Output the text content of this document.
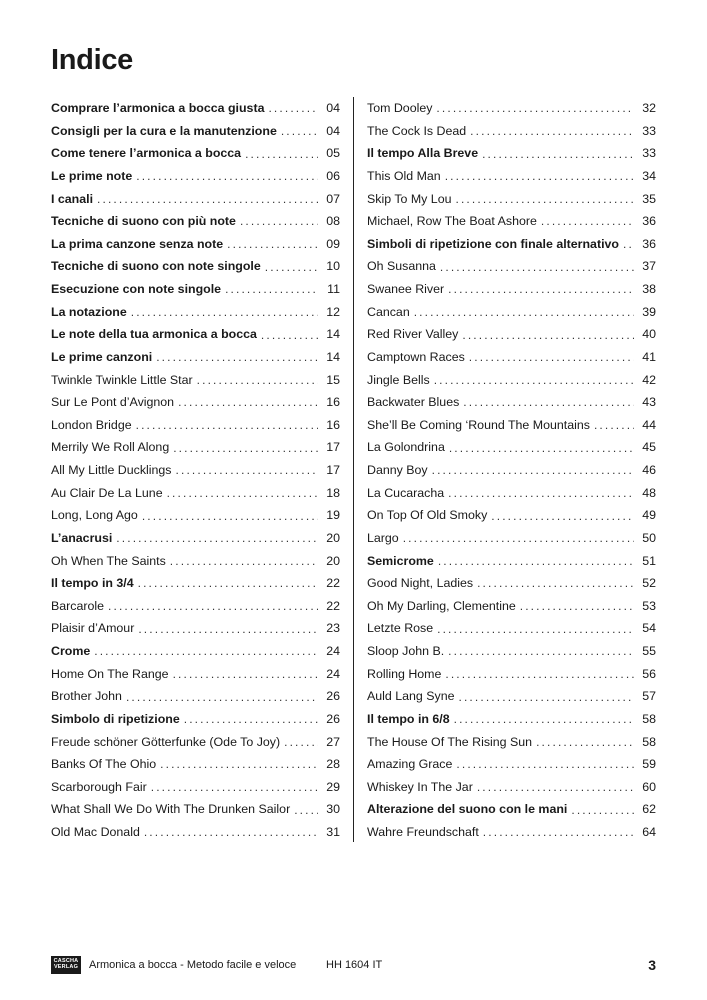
Indice
Comprare l’armonica a bocca giusta . . .	04
Consigli per la cura e la manutenzione . . .	04
Come tenere l’armonica a bocca . . .	05
Le prime note . . .	06
I canali . . .	07
Tecniche di suono con più note . . .	08
La prima canzone senza note . . .	09
Tecniche di suono con note singole . . .	10
Esecuzione con note singole . . .	11
La notazione . . .	12
Le note della tua armonica a bocca . . .	14
Le prime canzoni . . .	14
Twinkle Twinkle Little Star . . .	15
Sur Le Pont d’Avignon . . .	16
London Bridge . . .	16
Merrily We Roll Along . . .	17
All My Little Ducklings . . .	17
Au Clair De La Lune . . .	18
Long, Long Ago . . .	19
L’anacrusi . . .	20
Oh When The Saints . . .	20
Il tempo in 3/4 . . .	22
Barcarole . . .	22
Plaisir d’Amour . . .	23
Crome . . .	24
Home On The Range . . .	24
Brother John . . .	26
Simbolo di ripetizione . . .	26
Freude schöner Götterfunke (Ode To Joy) . . .	27
Banks Of The Ohio . . .	28
Scarborough Fair . . .	29
What Shall We Do With The Drunken Sailor . . .	30
Old Mac Donald . . .	31
Tom Dooley . . .	32
The Cock Is Dead . . .	33
Il tempo Alla Breve . . .	33
This Old Man . . .	34
Skip To My Lou . . .	35
Michael, Row The Boat Ashore . . .	36
Simboli di ripetizione con finale alternativo . . .	36
Oh Susanna . . .	37
Swanee River . . .	38
Cancan . . .	39
Red River Valley . . .	40
Camptown Races . . .	41
Jingle Bells . . .	42
Backwater Blues . . .	43
She’ll Be Coming ‘Round The Mountains . . .	44
La Golondrina . . .	45
Danny Boy . . .	46
La Cucaracha . . .	48
On Top Of Old Smoky . . .	49
Largo . . .	50
Semicrome . . .	51
Good Night, Ladies . . .	52
Oh My Darling, Clementine . . .	53
Letzte Rose . . .	54
Sloop John B. . . .	55
Rolling Home . . .	56
Auld Lang Syne . . .	57
Il tempo in 6/8 . . .	58
The House Of The Rising Sun . . .	58
Amazing Grace . . .	59
Whiskey In The Jar . . .	60
Alterazione del suono con le mani . . .	62
Wahre Freundschaft . . .	64
CASCHA
VERLAG Armonica a bocca - Metodo facile e veloce	HH 1604 IT	3
